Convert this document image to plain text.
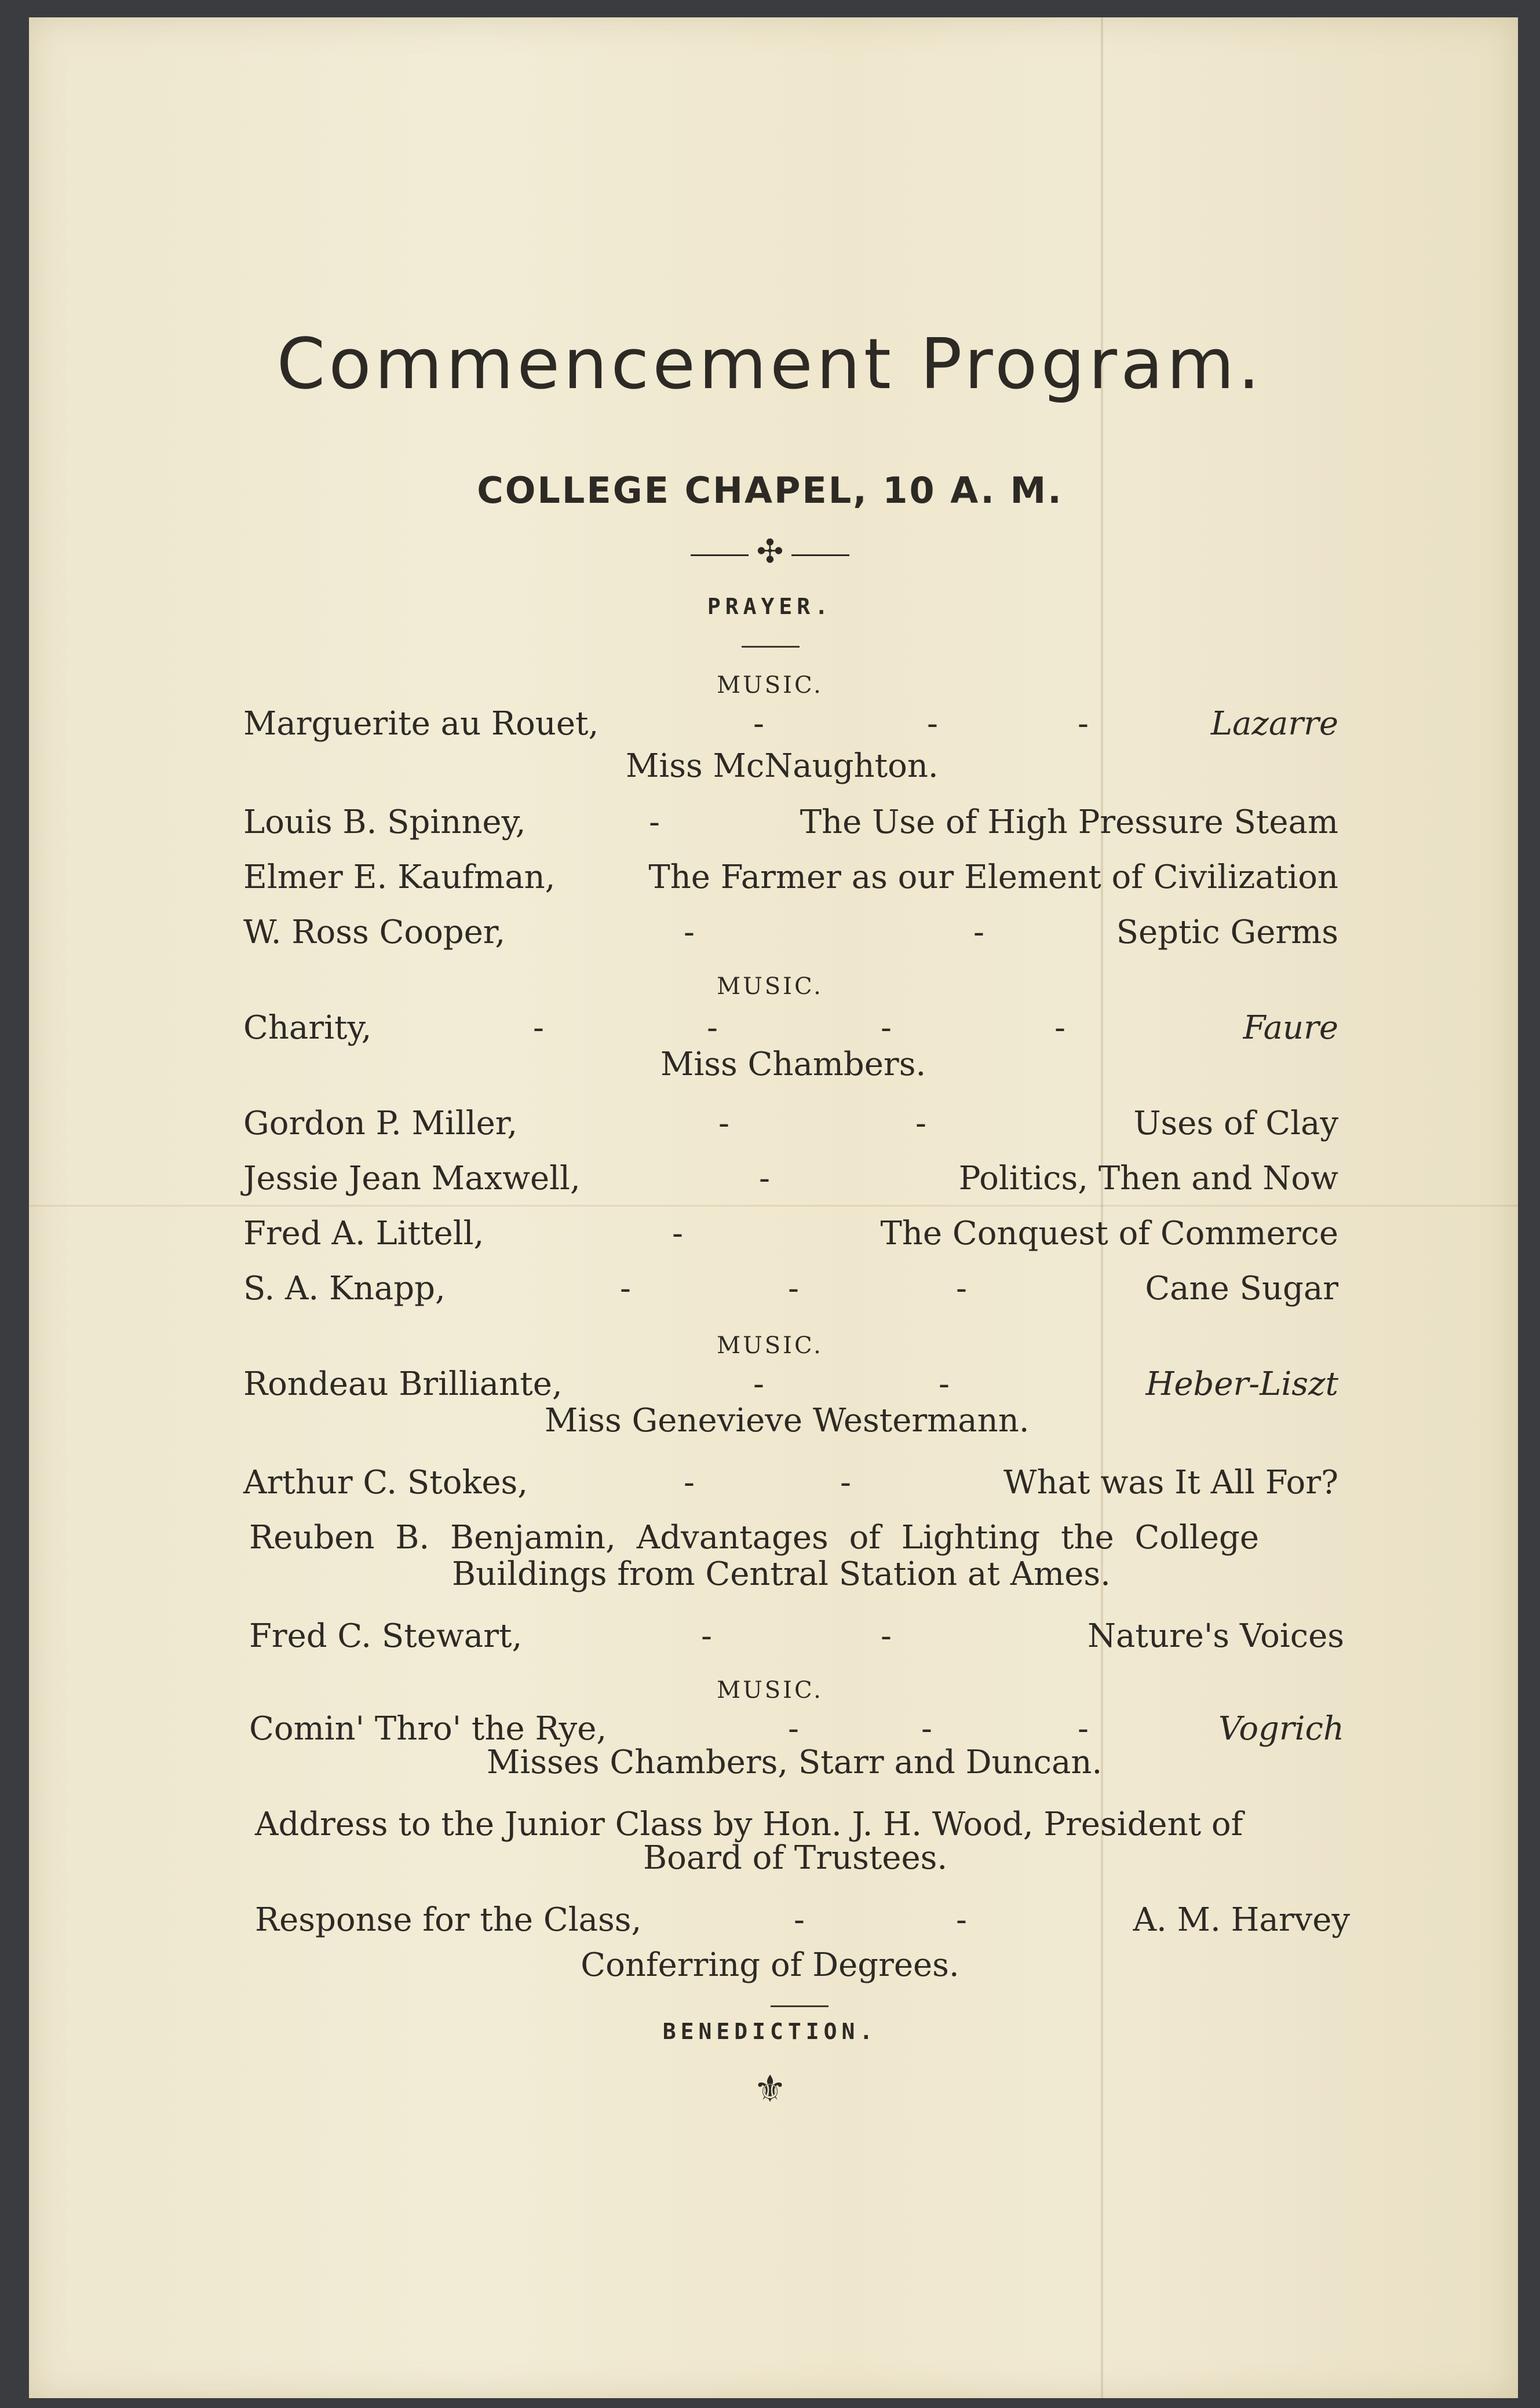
Commencement Program.
COLLEGE CHAPEL, 10 A. M.
✣
PRAYER.
MUSIC.
Marguerite au Rouet,	-	-	-	Lazarre
Miss McNaughton.
Louis B. Spinney,	-	The Use of High Pressure Steam
Elmer E. Kaufman,	The Farmer as our Element of Civilization
W. Ross Cooper,	-	-	Septic Germs
MUSIC.
Charity,	-	-	-	-	Faure
Miss Chambers.
Gordon P. Miller,	-	-	Uses of Clay
Jessie Jean Maxwell,	-	Politics, Then and Now
Fred A. Littell,	-	The Conquest of Commerce
S. A. Knapp,	-	-	-	Cane Sugar
MUSIC.
Rondeau Brilliante,	-	-	Heber-Liszt
Miss Genevieve Westermann.
Arthur C. Stokes,	-	-	What was It All For?
Reuben B. Benjamin, Advantages of Lighting the College
Buildings from Central Station at Ames.
Fred C. Stewart,	-	-	Nature's Voices
MUSIC.
Comin' Thro' the Rye,	-	-	-	Vogrich
Misses Chambers, Starr and Duncan.
Address to the Junior Class by Hon. J. H. Wood, President of
Board of Trustees.
Response for the Class,	-	-	A. M. Harvey
Conferring of Degrees.
BENEDICTION.
⚜
